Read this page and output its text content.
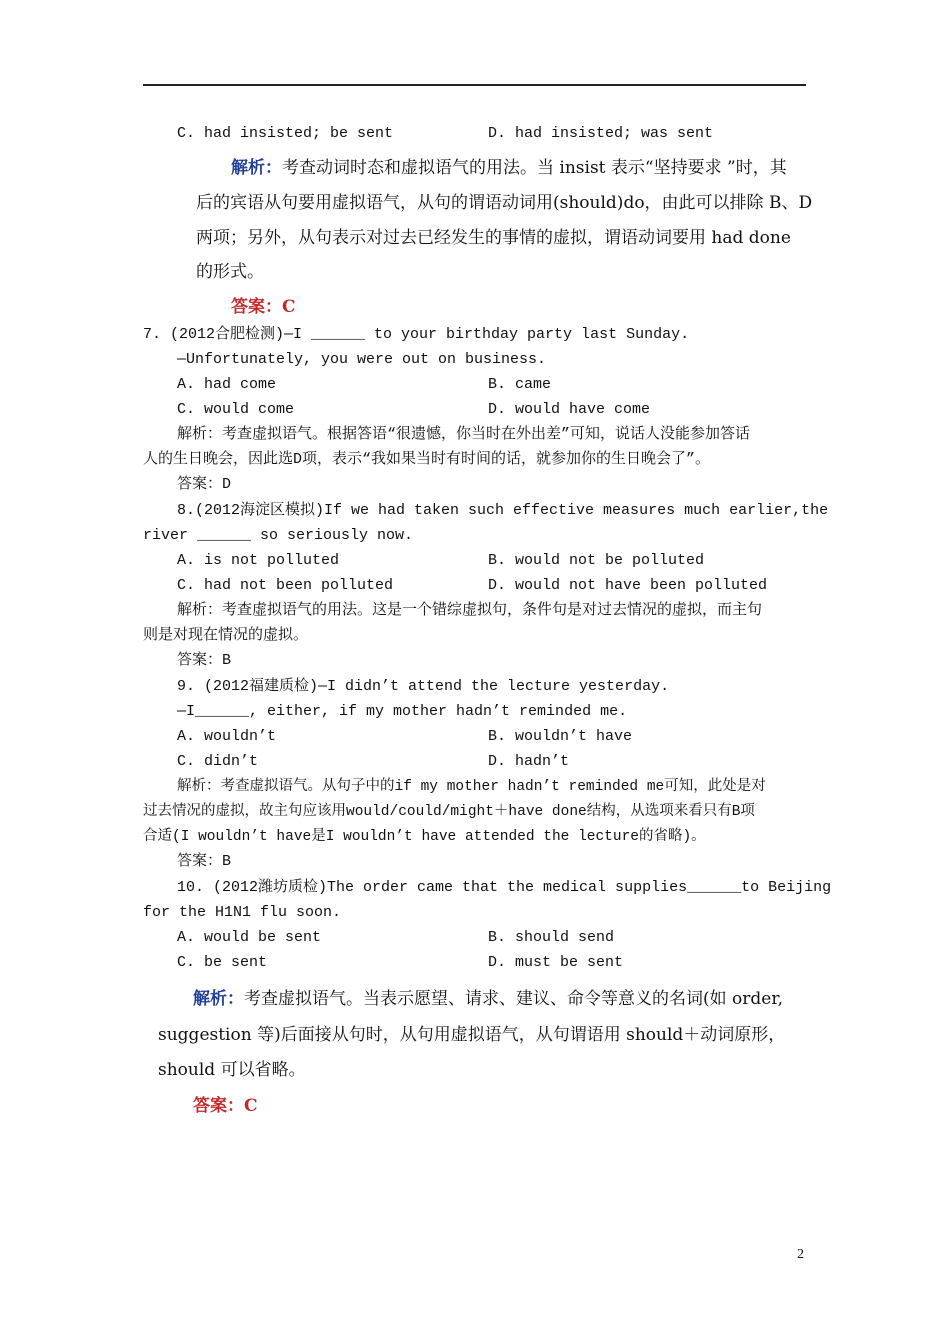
C. had insisted; be sent	D. had insisted; was sent
解析：考查动词时态和虚拟语气的用法。当 insist 表示“坚持要求 ”时，其
后的宾语从句要用虚拟语气，从句的谓语动词用(should)do，由此可以排除 B、D
两项；另外，从句表示对过去已经发生的事情的虚拟，谓语动词要用 had done
的形式。
答案：C
7. (2012合肥检测)—I ______ to your birthday party last Sunday.
—Unfortunately, you were out on business.
A. had come	B. came
C. would come	D. would have come
解析：考查虚拟语气。根据答语“很遗憾，你当时在外出差”可知，说话人没能参加答话
人的生日晚会，因此选D项，表示“我如果当时有时间的话，就参加你的生日晚会了”。
答案：D
8.(2012海淀区模拟)If we had taken such effective measures much earlier,the
river ______ so seriously now.
A. is not polluted	B. would not be polluted
C. had not been polluted	D. would not have been polluted
解析：考查虚拟语气的用法。这是一个错综虚拟句，条件句是对过去情况的虚拟，而主句
则是对现在情况的虚拟。
答案：B
9. (2012福建质检)—I didn’t attend the lecture yesterday.
—I______, either, if my mother hadn’t reminded me.
A. wouldn’t	B. wouldn’t have
C. didn’t	D. hadn’t
解析：考查虚拟语气。从句子中的if my mother hadn’t reminded me可知，此处是对
过去情况的虚拟，故主句应该用would/could/might＋have done结构，从选项来看只有B项
合适(I wouldn’t have是I wouldn’t have attended the lecture的省略)。
答案：B
10. (2012潍坊质检)The order came that the medical supplies______to Beijing
for the H1N1 flu soon.
A. would be sent	B. should send
C. be sent	D. must be sent
解析：考查虚拟语气。当表示愿望、请求、建议、命令等意义的名词(如 order,
suggestion 等)后面接从句时，从句用虚拟语气，从句谓语用 should＋动词原形，
should 可以省略。
答案：C
2
